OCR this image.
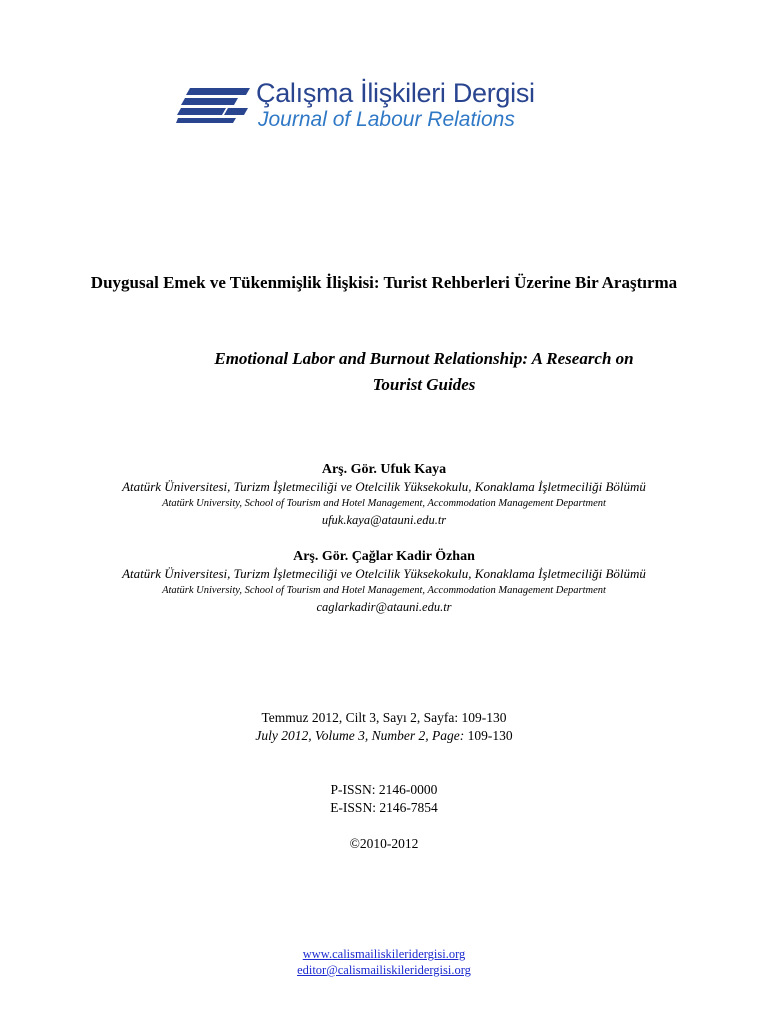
Çalışma İlişkileri Dergisi
Journal of Labour Relations
Duygusal Emek ve Tükenmişlik İlişkisi: Turist Rehberleri Üzerine Bir Araştırma
Emotional Labor and Burnout Relationship: A Research on
Tourist Guides
Arş. Gör. Ufuk Kaya
Atatürk Üniversitesi, Turizm İşletmeciliği ve Otelcilik Yüksekokulu, Konaklama İşletmeciliği Bölümü
Atatürk University, School of Tourism and Hotel Management, Accommodation Management Department
ufuk.kaya@atauni.edu.tr
Arş. Gör. Çağlar Kadir Özhan
Atatürk Üniversitesi, Turizm İşletmeciliği ve Otelcilik Yüksekokulu, Konaklama İşletmeciliği Bölümü
Atatürk University, School of Tourism and Hotel Management, Accommodation Management Department
caglarkadir@atauni.edu.tr
Temmuz 2012, Cilt 3, Sayı 2, Sayfa: 109-130
July 2012, Volume 3, Number 2, Page: 109-130
P-ISSN: 2146-0000
E-ISSN: 2146-7854
©2010-2012
www.calismailiskileridergisi.org
editor@calismailiskileridergisi.org
